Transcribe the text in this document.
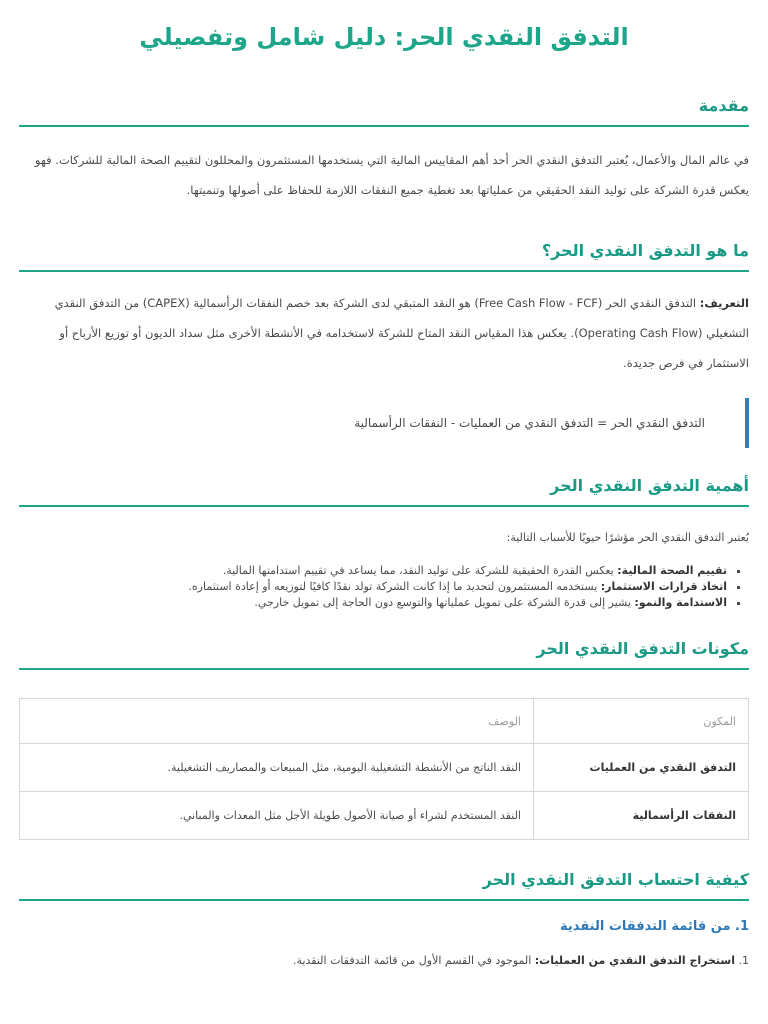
التدفق النقدي الحر: دليل شامل وتفصيلي
مقدمة

في عالم المال والأعمال، يُعتبر التدفق النقدي الحر أحد أهم المقاييس المالية التي يستخدمها المستثمرون والمحللون لتقييم الصحة المالية للشركات. فهو يعكس قدرة الشركة على توليد النقد الحقيقي من عملياتها بعد تغطية جميع النفقات اللازمة للحفاظ على أصولها وتنميتها.

ما هو التدفق النقدي الحر؟

التعريف: التدفق النقدي الحر (Free Cash Flow - FCF) هو النقد المتبقي لدى الشركة بعد خصم النفقات الرأسمالية (CAPEX) من التدفق النقدي التشغيلي (Operating Cash Flow). يعكس هذا المقياس النقد المتاح للشركة لاستخدامه في الأنشطة الأخرى مثل سداد الديون أو توزيع الأرباح أو الاستثمار في فرص جديدة.

التدفق النقدي الحر = التدفق النقدي من العمليات - النفقات الرأسمالية
أهمية التدفق النقدي الحر

يُعتبر التدفق النقدي الحر مؤشرًا حيويًا للأسباب التالية:

▪ تقييم الصحة المالية: يعكس القدرة الحقيقية للشركة على توليد النقد، مما يساعد في تقييم استدامتها المالية.
▪ اتخاذ قرارات الاستثمار: يستخدمه المستثمرون لتحديد ما إذا كانت الشركة تولد نقدًا كافيًا لتوزيعه أو إعادة استثماره.
▪ الاستدامة والنمو: يشير إلى قدرة الشركة على تمويل عملياتها والتوسع دون الحاجة إلى تمويل خارجي.
مكونات التدفق النقدي الحر
المكون	الوصف
التدفق النقدي من العمليات	النقد الناتج من الأنشطة التشغيلية اليومية، مثل المبيعات والمصاريف التشغيلية.
النفقات الرأسمالية	النقد المستخدم لشراء أو صيانة الأصول طويلة الأجل مثل المعدات والمباني.
كيفية احتساب التدفق النقدي الحر
1. من قائمة التدفقات النقدية

1. استخراج التدفق النقدي من العمليات: الموجود في القسم الأول من قائمة التدفقات النقدية.
